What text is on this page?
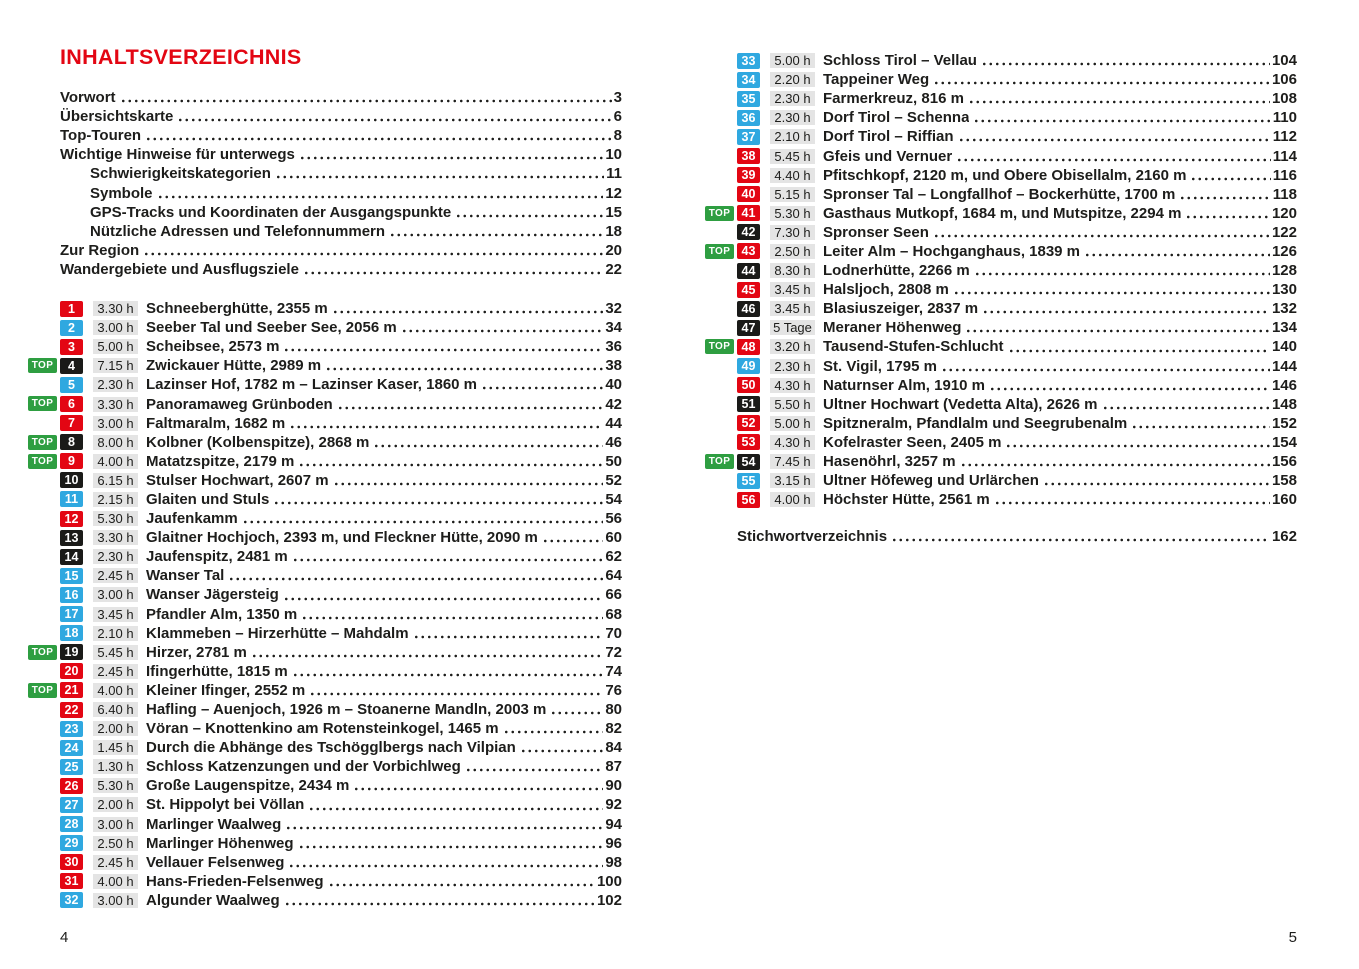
INHALTSVERZEICHNIS
Vorwort	3
Übersichtskarte	6
Top-Touren	8
Wichtige Hinweise für unterwegs	10
Schwierigkeitskategorien	11
Symbole	12
GPS-Tracks und Koordinaten der Ausgangspunkte	15
Nützliche Adressen und Telefonnummern	18
Zur Region	20
Wandergebiete und Ausflugsziele	22
1	3.30 h Schneeberghütte, 2355 m	32
2	3.00 h Seeber Tal und Seeber See, 2056 m	34
3	5.00 h Scheibsee, 2573 m	36
TOP	4	7.15 h Zwickauer Hütte, 2989 m	38
5	2.30 h Lazinser Hof, 1782 m – Lazinser Kaser, 1860 m	40
TOP	6	3.30 h Panoramaweg Grünboden	42
7	3.00 h Faltmaralm, 1682 m	44
TOP	8	8.00 h Kolbner (Kolbenspitze), 2868 m	46
TOP	9	4.00 h Matatzspitze, 2179 m	50
10	6.15 h Stulser Hochwart, 2607 m	52
11	2.15 h Glaiten und Stuls	54
12	5.30 h Jaufenkamm	56
13	3.30 h Glaitner Hochjoch, 2393 m, und Fleckner Hütte, 2090 m	60
14	2.30 h Jaufenspitz, 2481 m	62
15	2.45 h Wanser Tal	64
16	3.00 h Wanser Jägersteig	66
17	3.45 h Pfandler Alm, 1350 m	68
18	2.10 h Klammeben – Hirzerhütte – Mahdalm	70
TOP 19	5.45 h Hirzer, 2781 m	72
20	2.45 h Ifingerhütte, 1815 m	74
TOP 21	4.00 h Kleiner Ifinger, 2552 m	76
22	6.40 h Hafling – Auenjoch, 1926 m – Stoanerne Mandln, 2003 m	80
23	2.00 h Vöran – Knottenkino am Rotensteinkogel, 1465 m	82
24	1.45 h Durch die Abhänge des Tschögglbergs nach Vilpian	84
25	1.30 h Schloss Katzenzungen und der Vorbichlweg	87
26	5.30 h Große Laugenspitze, 2434 m	90
27	2.00 h St. Hippolyt bei Völlan	92
28	3.00 h Marlinger Waalweg	94
29	2.50 h Marlinger Höhenweg	96
30	2.45 h Vellauer Felsenweg	98
31	4.00 h Hans-Frieden-Felsenweg	100
32	3.00 h Algunder Waalweg	102
4
33	5.00 h Schloss Tirol – Vellau	104
34	2.20 h Tappeiner Weg	106
35	2.30 h Farmerkreuz, 816 m	108
36	2.30 h Dorf Tirol – Schenna	110
37	2.10 h Dorf Tirol – Riffian	112
38	5.45 h Gfeis und Vernuer	114
39	4.40 h Pfitschkopf, 2120 m, und Obere Obisellalm, 2160 m	116
40	5.15 h Spronser Tal – Longfallhof – Bockerhütte, 1700 m	118
TOP 41	5.30 h Gasthaus Mutkopf, 1684 m, und Mutspitze, 2294 m	120
42	7.30 h Spronser Seen	122
TOP 43	2.50 h Leiter Alm – Hochganghaus, 1839 m	126
44	8.30 h Lodnerhütte, 2266 m	128
45	3.45 h Halsljoch, 2808 m	130
46	3.45 h Blasiuszeiger, 2837 m	132
47	5 Tage Meraner Höhenweg	134
TOP 48	3.20 h Tausend-Stufen-Schlucht	140
49	2.30 h St. Vigil, 1795 m	144
50	4.30 h Naturnser Alm, 1910 m	146
51	5.50 h Ultner Hochwart (Vedetta Alta), 2626 m	148
52	5.00 h Spitzneralm, Pfandlalm und Seegrubenalm	152
53	4.30 h Kofelraster Seen, 2405 m	154
TOP 54	7.45 h Hasenöhrl, 3257 m	156
55	3.15 h Ultner Höfeweg und Urlärchen	158
56	4.00 h Höchster Hütte, 2561 m	160
Stichwortverzeichnis	162
5
